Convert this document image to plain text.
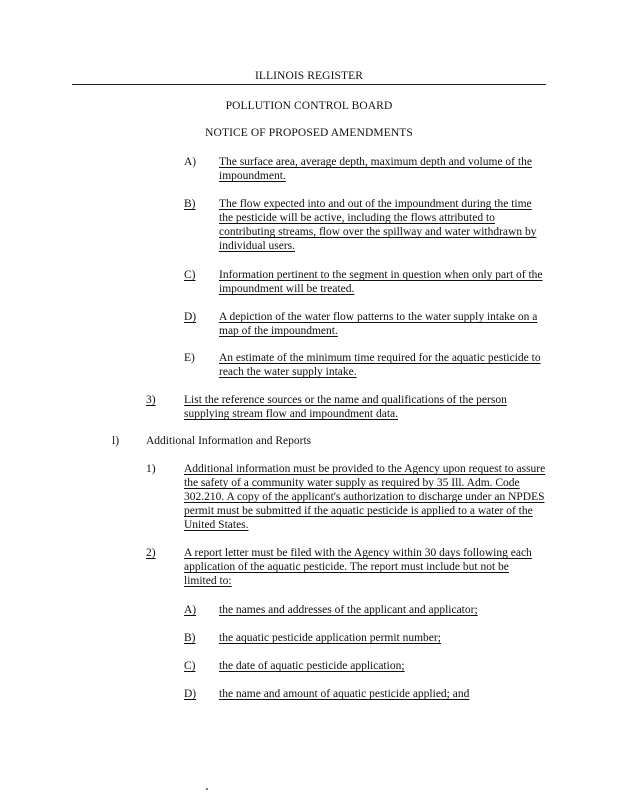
ILLINOIS REGISTER
POLLUTION CONTROL BOARD
NOTICE OF PROPOSED AMENDMENTS
A) The surface area, average depth, maximum depth and volume of the impoundment.

B) The flow expected into and out of the impoundment during the time the pesticide will be active, including the flows attributed to contributing streams, flow over the spillway and water withdrawn by individual users.

C) Information pertinent to the segment in question when only part of the impoundment will be treated.

D) A depiction of the water flow patterns to the water supply intake on a map of the impoundment.

E) An estimate of the minimum time required for the aquatic pesticide to reach the water supply intake.

3) List the reference sources or the name and qualifications of the person supplying stream flow and impoundment data.

l) Additional Information and Reports
1) Additional information must be provided to the Agency upon request to assure the safety of a community water supply as required by 35 Ill. Adm. Code 302.210. A copy of the applicant's authorization to discharge under an NPDES permit must be submitted if the aquatic pesticide is applied to a water of the United States.

2) A report letter must be filed with the Agency within 30 days following each application of the aquatic pesticide. The report must include but not be limited to:

A) the names and addresses of the applicant and applicator;

B) the aquatic pesticide application permit number;

C) the date of aquatic pesticide application;

D) the name and amount of aquatic pesticide applied; and
